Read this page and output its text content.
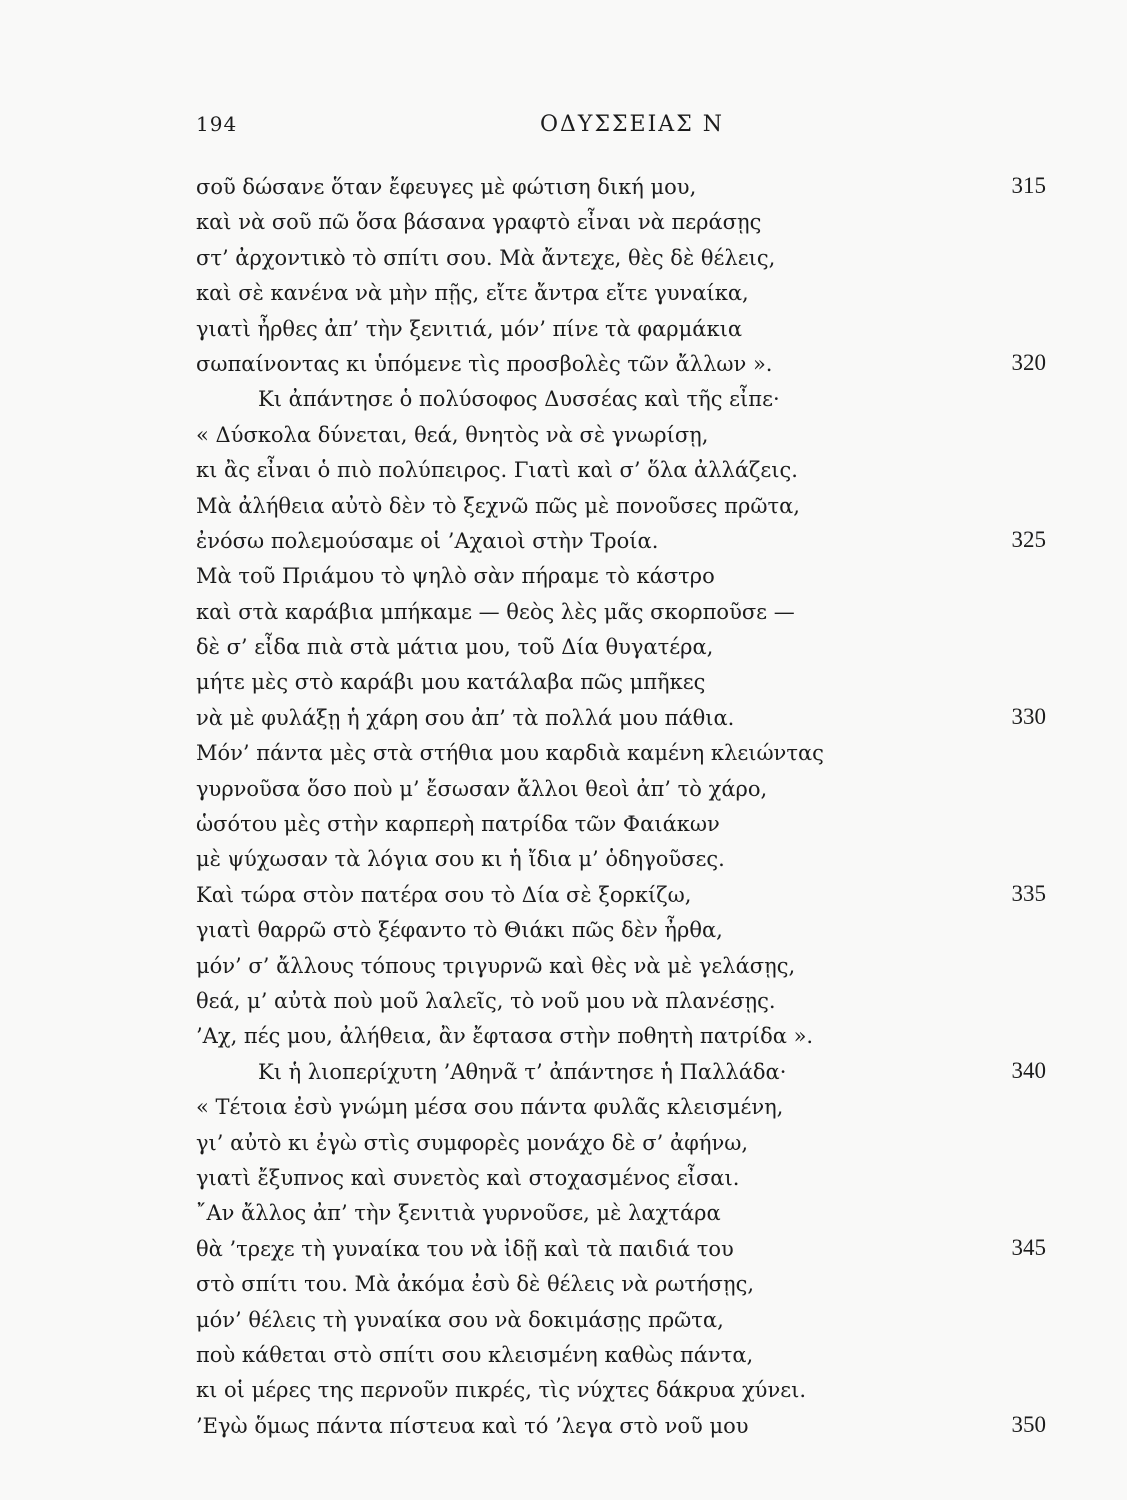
194	ΟΔΥΣΣΕΙΑΣ Ν
σοῦ δώσανε ὅταν ἔφευγες μὲ φώτιση δική μου,	315
καὶ νὰ σοῦ πῶ ὅσα βάσανα γραφτὸ εἶναι νὰ περάσῃς
στ’ ἀρχοντικὸ τὸ σπίτι σου. Μὰ ἄντεχε, θὲς δὲ θέλεις,
καὶ σὲ κανένα νὰ μὴν πῇς, εἴτε ἄντρα εἴτε γυναίκα,
γιατὶ ἦρθες ἀπ’ τὴν ξενιτιά, μόν’ πίνε τὰ φαρμάκια
σωπαίνοντας κι ὑπόμενε τὶς προσβολὲς τῶν ἄλλων ».	320
Κι ἀπάντησε ὁ πολύσοφος Δυσσέας καὶ τῆς εἶπε·
« Δύσκολα δύνεται, θεά, θνητὸς νὰ σὲ γνωρίσῃ,
κι ἂς εἶναι ὁ πιὸ πολύπειρος. Γιατὶ καὶ σ’ ὅλα ἀλλάζεις.
Μὰ ἀλήθεια αὐτὸ δὲν τὸ ξεχνῶ πῶς μὲ πονοῦσες πρῶτα,
ἐνόσω πολεμούσαμε οἱ ’Αχαιοὶ στὴν Τροία.	325
Μὰ τοῦ Πριάμου τὸ ψηλὸ σὰν πήραμε τὸ κάστρο
καὶ στὰ καράβια μπήκαμε — θεὸς λὲς μᾶς σκορποῦσε —
δὲ σ’ εἶδα πιὰ στὰ μάτια μου, τοῦ Δία θυγατέρα,
μήτε μὲς στὸ καράβι μου κατάλαβα πῶς μπῆκες
νὰ μὲ φυλάξῃ ἡ χάρη σου ἀπ’ τὰ πολλά μου πάθια.	330
Μόν’ πάντα μὲς στὰ στήθια μου καρδιὰ καμένη κλειώντας
γυρνοῦσα ὅσο ποὺ μ’ ἔσωσαν ἄλλοι θεοὶ ἀπ’ τὸ χάρο,
ὡσότου μὲς στὴν καρπερὴ πατρίδα τῶν Φαιάκων
μὲ ψύχωσαν τὰ λόγια σου κι ἡ ἴδια μ’ ὁδηγοῦσες.
Καὶ τώρα στὸν πατέρα σου τὸ Δία σὲ ξορκίζω,	335
γιατὶ θαρρῶ στὸ ξέφαντο τὸ Θιάκι πῶς δὲν ἦρθα,
μόν’ σ’ ἄλλους τόπους τριγυρνῶ καὶ θὲς νὰ μὲ γελάσῃς,
θεά, μ’ αὐτὰ ποὺ μοῦ λαλεῖς, τὸ νοῦ μου νὰ πλανέσῃς.
’Αχ, πές μου, ἀλήθεια, ἂν ἔφτασα στὴν ποθητὴ πατρίδα ».
Κι ἡ λιοπερίχυτη ’Αθηνᾶ τ’ ἀπάντησε ἡ Παλλάδα·	340
« Τέτοια ἐσὺ γνώμη μέσα σου πάντα φυλᾶς κλεισμένη,
γι’ αὐτὸ κι ἐγὼ στὶς συμφορὲς μονάχο δὲ σ’ ἀφήνω,
γιατὶ ἔξυπνος καὶ συνετὸς καὶ στοχασμένος εἶσαι.
῎Αν ἄλλος ἀπ’ τὴν ξενιτιὰ γυρνοῦσε, μὲ λαχτάρα
θὰ ’τρεχε τὴ γυναίκα του νὰ ἰδῇ καὶ τὰ παιδιά του	345
στὸ σπίτι του. Μὰ ἀκόμα ἐσὺ δὲ θέλεις νὰ ρωτήσῃς,
μόν’ θέλεις τὴ γυναίκα σου νὰ δοκιμάσῃς πρῶτα,
ποὺ κάθεται στὸ σπίτι σου κλεισμένη καθὼς πάντα,
κι οἱ μέρες της περνοῦν πικρές, τὶς νύχτες δάκρυα χύνει.
’Εγὼ ὅμως πάντα πίστευα καὶ τό ’λεγα στὸ νοῦ μου	350
